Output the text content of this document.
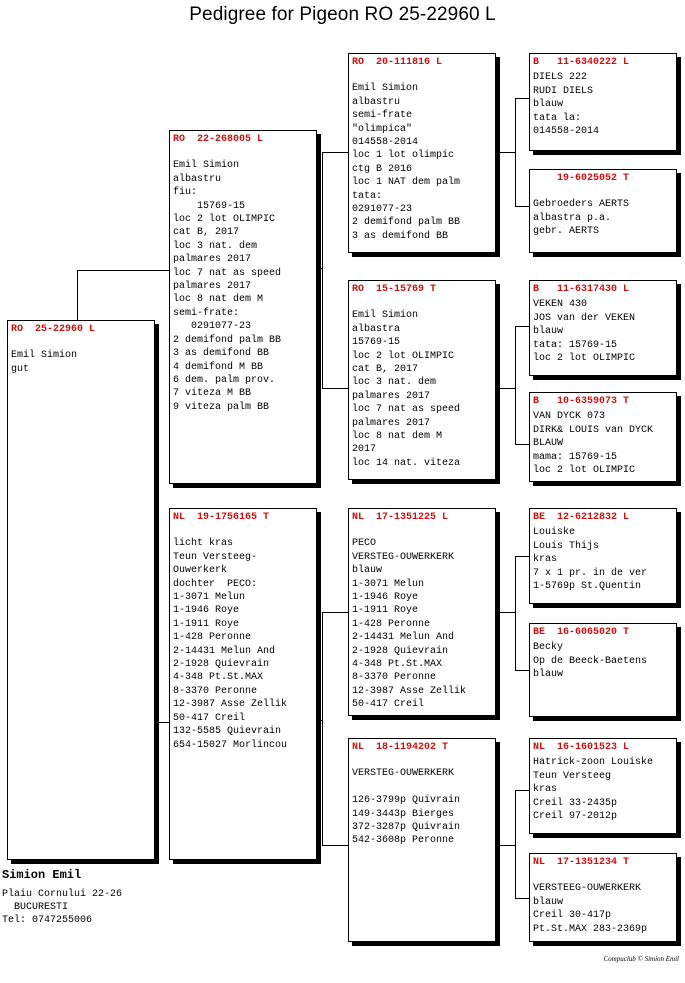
Pedigree for Pigeon RO 25-22960 L
RO  25-22960 L
Emil Simion
gut
RO  22-268005 L
Emil Simion
albastru
fiu:
15769-15
loc 2 lot OLIMPIC
cat B, 2017
loc 3 nat. dem
palmares 2017
loc 7 nat as speed
palmares 2017
loc 8 nat dem M
semi-frate:
0291077-23
2 demifond palm BB
3 as demifond BB
4 demifond M BB
6 dem. palm prov.
7 viteza M BB
9 viteza palm BB
NL  19-1756165 T
licht kras
Teun Versteeg-
Ouwerkerk
dochter  PECO:
1-3071 Melun
1-1946 Roye
1-1911 Roye
1-428 Peronne
2-14431 Melun And
2-1928 Quievrain
4-348 Pt.St.MAX
8-3370 Peronne
12-3987 Asse Zellik
50-417 Creil
132-5585 Quievrain
654-15027 Morlincou
RO  20-111816 L
Emil Simion
albastru
semi-frate
"olimpica"
014558-2014
loc 1 lot olimpic
ctg B 2016
loc 1 NAT dem palm
tata:
0291077-23
2 demifond palm BB
3 as demifond BB
RO  15-15769 T
Emil Simion
albastra
15769-15
loc 2 lot OLIMPIC
cat B, 2017
loc 3 nat. dem
palmares 2017
loc 7 nat as speed
palmares 2017
loc 8 nat dem M
2017
loc 14 nat. viteza
NL  17-1351225 L
PECO
VERSTEG-OUWERKERK
blauw
1-3071 Melun
1-1946 Roye
1-1911 Roye
1-428 Peronne
2-14431 Melun And
2-1928 Quievrain
4-348 Pt.St.MAX
8-3370 Peronne
12-3987 Asse Zellik
50-417 Creil
NL  18-1194202 T
VERSTEG-OUWERKERK

126-3799p Quivrain
149-3443p Bierges
372-3287p Quivrain
542-3608p Peronne
B   11-6340222 L
DIELS 222
RUDI DIELS
blauw
tata la:
014558-2014
19-6025052 T
Gebroeders AERTS
albastra p.a.
gebr. AERTS
B   11-6317430 L
VEKEN 430
JOS van der VEKEN
blauw
tata: 15769-15
loc 2 lot OLIMPIC
B   10-6359073 T
VAN DYCK 073
DIRK& LOUIS van DYCK
BLAUW
mama: 15769-15
loc 2 lot OLIMPIC
BE  12-6212832 L
Louiske
Louis Thijs
kras
7 x 1 pr. in de ver
1-5769p St.Quentin
BE  16-6065020 T
Becky
Op de Beeck-Baetens
blauw
NL  16-1601523 L
Hatrick-zoon Louiske
Teun Versteeg
kras
Creil 33-2435p
Creil 97-2012p
NL  17-1351234 T
VERSTEEG-OUWERKERK
blauw
Creil 30-417p
Pt.St.MAX 283-2369p
Simion Emil
Plaiu Cornului 22-26
BUCURESTI
Tel: 0747255006
Compuclub © Simion Emil
